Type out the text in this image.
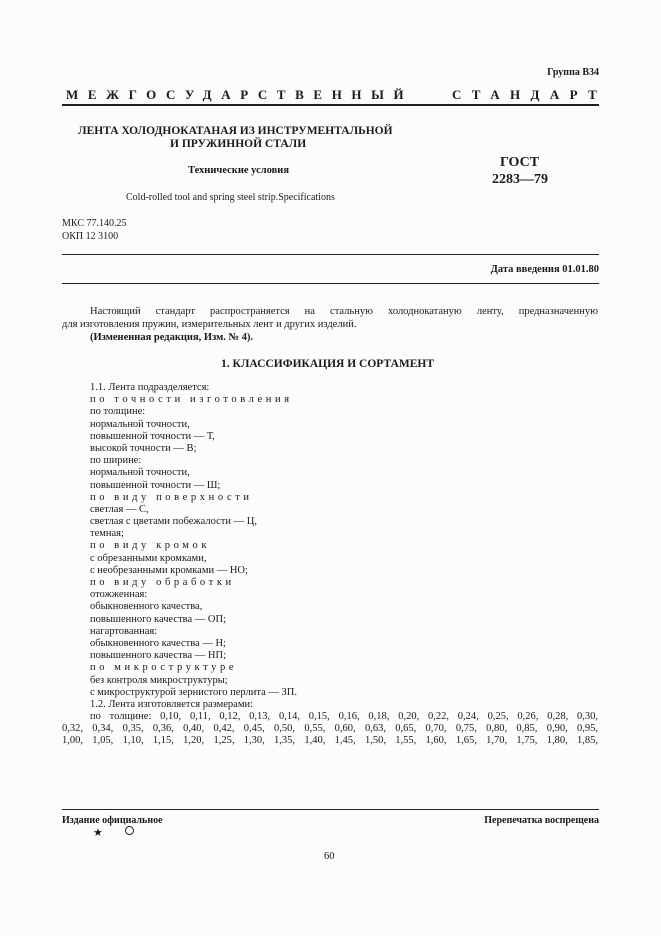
Группа В34
МЕЖГОСУДАРСТВЕННЫЙ	СТАНДАРТ
ЛЕНТА ХОЛОДНОКАТАНАЯ ИЗ ИНСТРУМЕНТАЛЬНОЙ
И ПРУЖИННОЙ СТАЛИ
Технические условия
ГОСТ
2283—79
Cold-rolled tool and spring steel strip.Specifications
МКС 77.140.25
ОКП 12 3100
Дата введения 01.01.80
Настоящий стандарт распространяется на стальную холоднокатаную ленту, предназначенную
для изготовления пружин, измерительных лент и других изделий.
(Измененная редакция, Изм. № 4).
1. КЛАССИФИКАЦИЯ И СОРТАМЕНТ
1.1. Лента подразделяется:
по точности изготовления
по толщине:
нормальной точности,
повышенной точности — Т,
высокой точности — В;
по ширине:
нормальной точности,
повышенной точности — Ш;
по виду поверхности
светлая — С,
светлая с цветами побежалости — Ц,
темная;
по виду кромок
с обрезанными кромками,
с необрезанными кромками — НО;
по виду обработки
отожженная:
обыкновенного качества,
повышенного качества — ОП;
нагартованная:
обыкновенного качества — Н;
повышенного качества — НП;
по микроструктуре
без контроля микроструктуры;
с микроструктурой зернистого перлита — ЗП.
1.2. Лента изготовляется размерами:
по толщине: 0,10, 0,11, 0,12, 0,13, 0,14, 0,15, 0,16, 0,18, 0,20, 0,22, 0,24, 0,25, 0,26, 0,28, 0,30,
0,32, 0,34, 0,35, 0,36, 0,40, 0,42, 0,45, 0,50, 0,55, 0,60, 0,63, 0,65, 0,70, 0,75, 0,80, 0,85, 0,90, 0,95,
1,00, 1,05, 1,10, 1,15, 1,20, 1,25, 1,30, 1,35, 1,40, 1,45, 1,50, 1,55, 1,60, 1,65, 1,70, 1,75, 1,80, 1,85,
Издание официальное	Перепечатка воспрещена
★
60
